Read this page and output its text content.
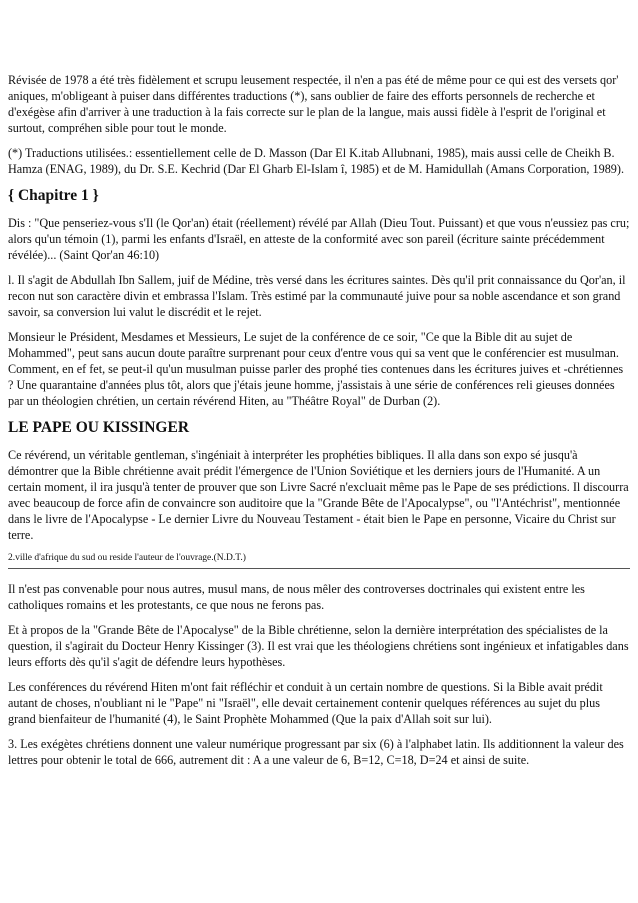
Révisée de 1978 a été très fidèlement et scrupu leusement respectée, il n'en a pas été de même pour ce qui est des versets qor' aniques, m'obligeant à puiser dans différentes traductions (*), sans oublier de faire des efforts personnels de recherche et d'exégèse afin d'arriver à une traduction à la fais correcte sur le plan de la langue, mais aussi fidèle à l'esprit de l'original et surtout, compréhen sible pour tout le monde.

(*) Traductions utilisées.: essentiellement celle de D. Masson (Dar El K.itab Allubnani, 1985), mais aussi celle de Cheikh B. Hamza (ENAG, 1989), du Dr. S.E. Kechrid (Dar El Gharb El-Islam î, 1985) et de M. Hamidullah (Amans Corporation, 1989).

{ Chapitre 1 }

Dis : "Que penseriez-vous s'Il (le Qor'an) était (réellement) révélé par Allah (Dieu Tout. Puissant) et que vous n'eussiez pas cru; alors qu'un témoin (1), parmi les enfants d'Israël, en atteste de la conformité avec son pareil (écriture sainte précédemment révélée)... (Saint Qor'an 46:10)

l. Il s'agit de Abdullah Ibn Sallem, juif de Médine, très versé dans les écritures saintes. Dès qu'il prit connaissance du Qor'an, il recon nut son caractère divin et embrassa l'Islam. Très estimé par la communauté juive pour sa noble ascendance et son grand savoir, sa conversion lui valut le discrédit et le rejet.

Monsieur le Président, Mesdames et Messieurs, Le sujet de la conférence de ce soir, "Ce que la Bible dit au sujet de Mohammed", peut sans aucun doute paraître surprenant pour ceux d'entre vous qui sa vent que le conférencier est musulman. Comment, en ef fet, se peut-il qu'un musulman puisse parler des prophé ties contenues dans les écritures juives et -chrétiennes ? Une quarantaine d'années plus tôt, alors que j'étais jeune homme, j'assistais à une série de conférences reli gieuses données par un théologien chrétien, un certain révérend Hiten, au "Théâtre Royal" de Durban (2).

LE PAPE OU KISSINGER

Ce révérend, un véritable gentleman, s'ingéniait à interpréter les prophéties bibliques. Il alla dans son expo sé jusqu'à démontrer que la Bible chrétienne avait prédit l'émergence de l'Union Soviétique et les derniers jours de l'Humanité. A un certain moment, il ira jusqu'à tenter de prouver que son Livre Sacré n'excluait même pas le Pape de ses prédictions. Il discourra avec beaucoup de force afin de convaincre son auditoire que la "Grande Bête de l'Apocalypse", ou "l'Antéchrist", mentionnée dans le livre de l'Apocalypse - Le dernier Livre du Nouveau Testament - était bien le Pape en personne, Vicaire du Christ sur terre.

2.ville d'afrique du sud ou reside l'auteur de l'ouvrage.(N.D.T.)

Il n'est pas convenable pour nous autres, musul mans, de nous mêler des controverses doctrinales qui existent entre les catholiques romains et les protestants, ce que nous ne ferons pas.

Et à propos de la "Grande Bête de l'Apocalyse" de la Bible chrétienne, selon la dernière interprétation des spécialistes de la question, il s'agirait du Docteur Henry Kissinger (3). Il est vrai que les théologiens chrétiens sont ingénieux et infatigables dans leurs efforts dès qu'il s'agit de défendre leurs hypothèses.

Les conférences du révérend Hiten m'ont fait réfléchir et conduit à un certain nombre de questions. Si la Bible avait prédit autant de choses, n'oubliant ni le "Pape" ni "Israël", elle devait certainement contenir quelques références au sujet du plus grand bienfaiteur de l'humanité (4), le Saint Prophète Mohammed (Que la paix d'Allah soit sur lui).

3. Les exégètes chrétiens donnent une valeur numérique progressant par six (6) à l'alphabet latin. Ils additionnent la valeur des lettres pour obtenir le total de 666, autrement dit : A a une valeur de 6, B=12, C=18, D=24 et ainsi de suite.
